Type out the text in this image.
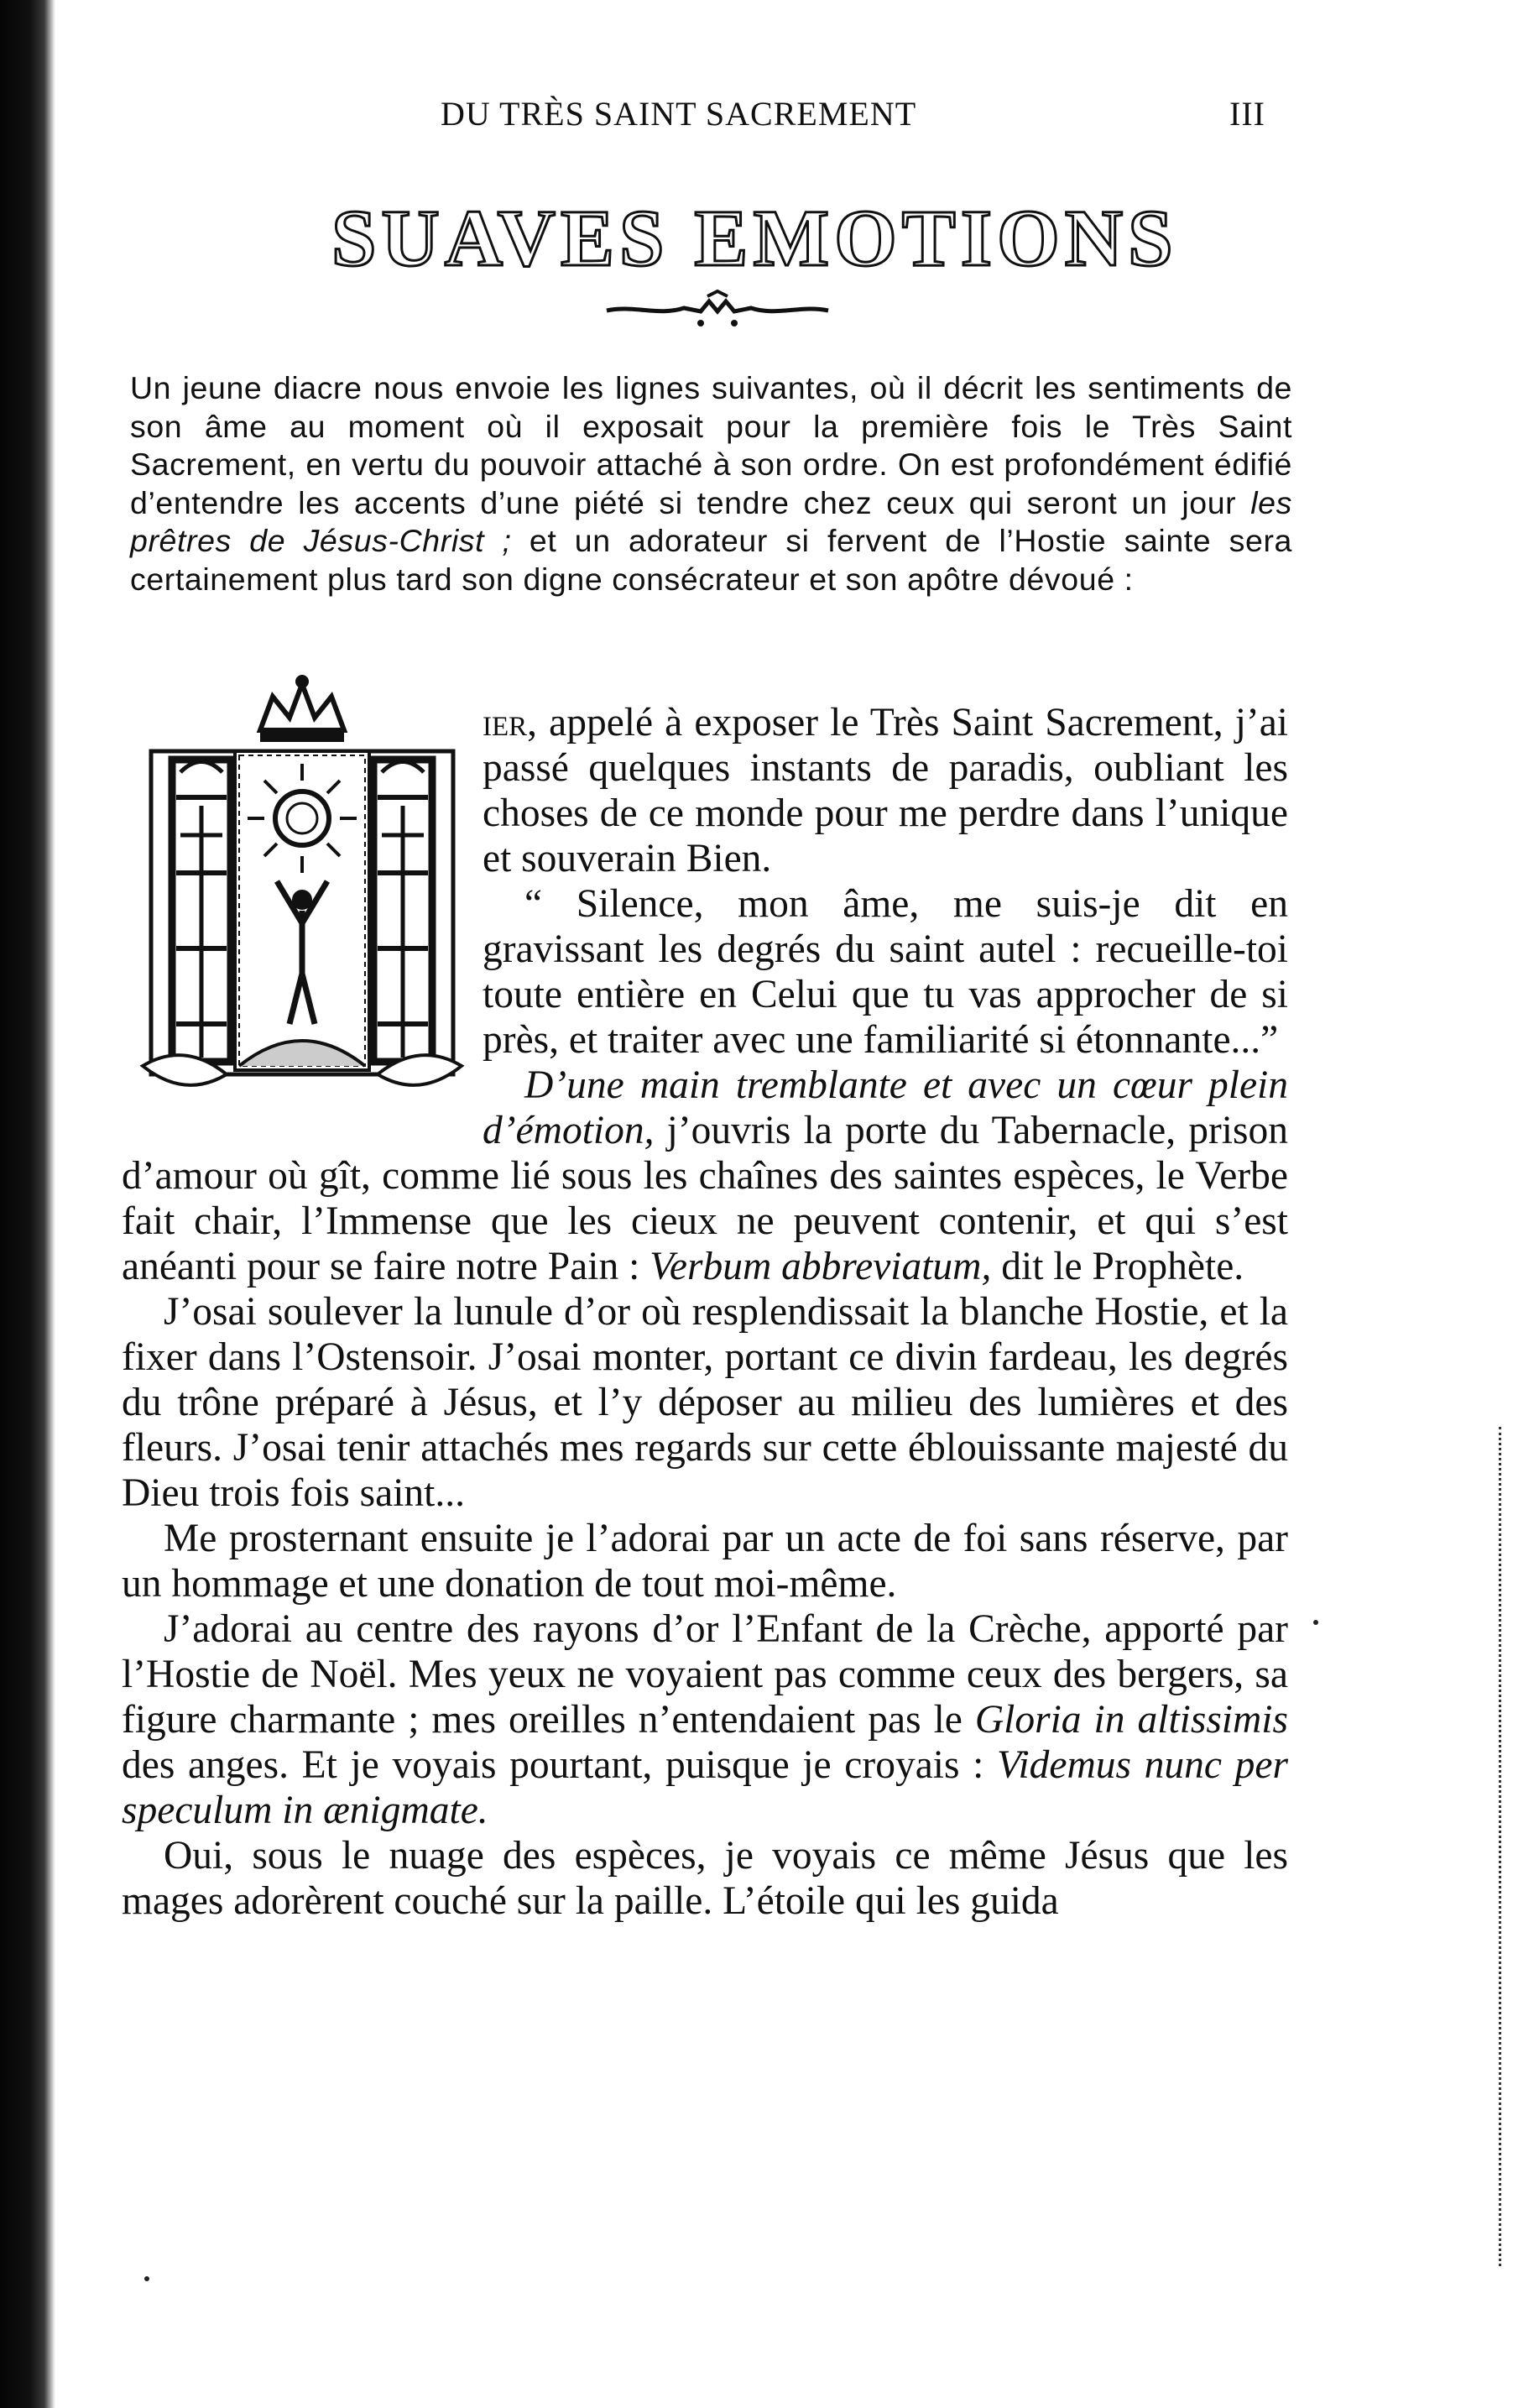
DU TRÈS SAINT SACREMENT	III
SUAVES EMOTIONS
Un jeune diacre nous envoie les lignes suivantes, où il décrit les sentiments de son âme au moment où il exposait pour la première fois le Très Saint Sacrement, en vertu du pouvoir attaché à son ordre. On est profondément édifié d’entendre les accents d’une piété si tendre chez ceux qui seront un jour les prêtres de Jésus-Christ ; et un adorateur si fervent de l’Hostie sainte sera certainement plus tard son digne consécrateur et son apôtre dévoué :

ier, appelé à exposer le Très Saint Sacrement, j’ai passé quelques instants de paradis, oubliant les choses de ce monde pour me perdre dans l’unique et souverain Bien.

“ Silence, mon âme, me suis-je dit en gravissant les degrés du saint autel : recueille-toi toute entière en Celui que tu vas approcher de si près, et traiter avec une familiarité si étonnante...”

D’une main tremblante et avec un cœur plein d’émotion, j’ouvris la porte du Tabernacle, prison d’amour où gît, comme lié sous les chaînes des saintes espèces, le Verbe fait chair, l’Immense que les cieux ne peuvent contenir, et qui s’est anéanti pour se faire notre Pain : Verbum abbreviatum, dit le Prophète.

J’osai soulever la lunule d’or où resplendissait la blanche Hostie, et la fixer dans l’Ostensoir. J’osai monter, portant ce divin fardeau, les degrés du trône préparé à Jésus, et l’y déposer au milieu des lumières et des fleurs. J’osai tenir attachés mes regards sur cette éblouissante majesté du Dieu trois fois saint...

Me prosternant ensuite je l’adorai par un acte de foi sans réserve, par un hommage et une donation de tout moi-même.

J’adorai au centre des rayons d’or l’Enfant de la Crèche, apporté par l’Hostie de Noël. Mes yeux ne voyaient pas comme ceux des bergers, sa figure charmante ; mes oreilles n’entendaient pas le Gloria in altissimis des anges. Et je voyais pourtant, puisque je croyais : Videmus nunc per speculum in ænigmate.

Oui, sous le nuage des espèces, je voyais ce même Jésus que les mages adorèrent couché sur la paille. L’étoile qui les guida
